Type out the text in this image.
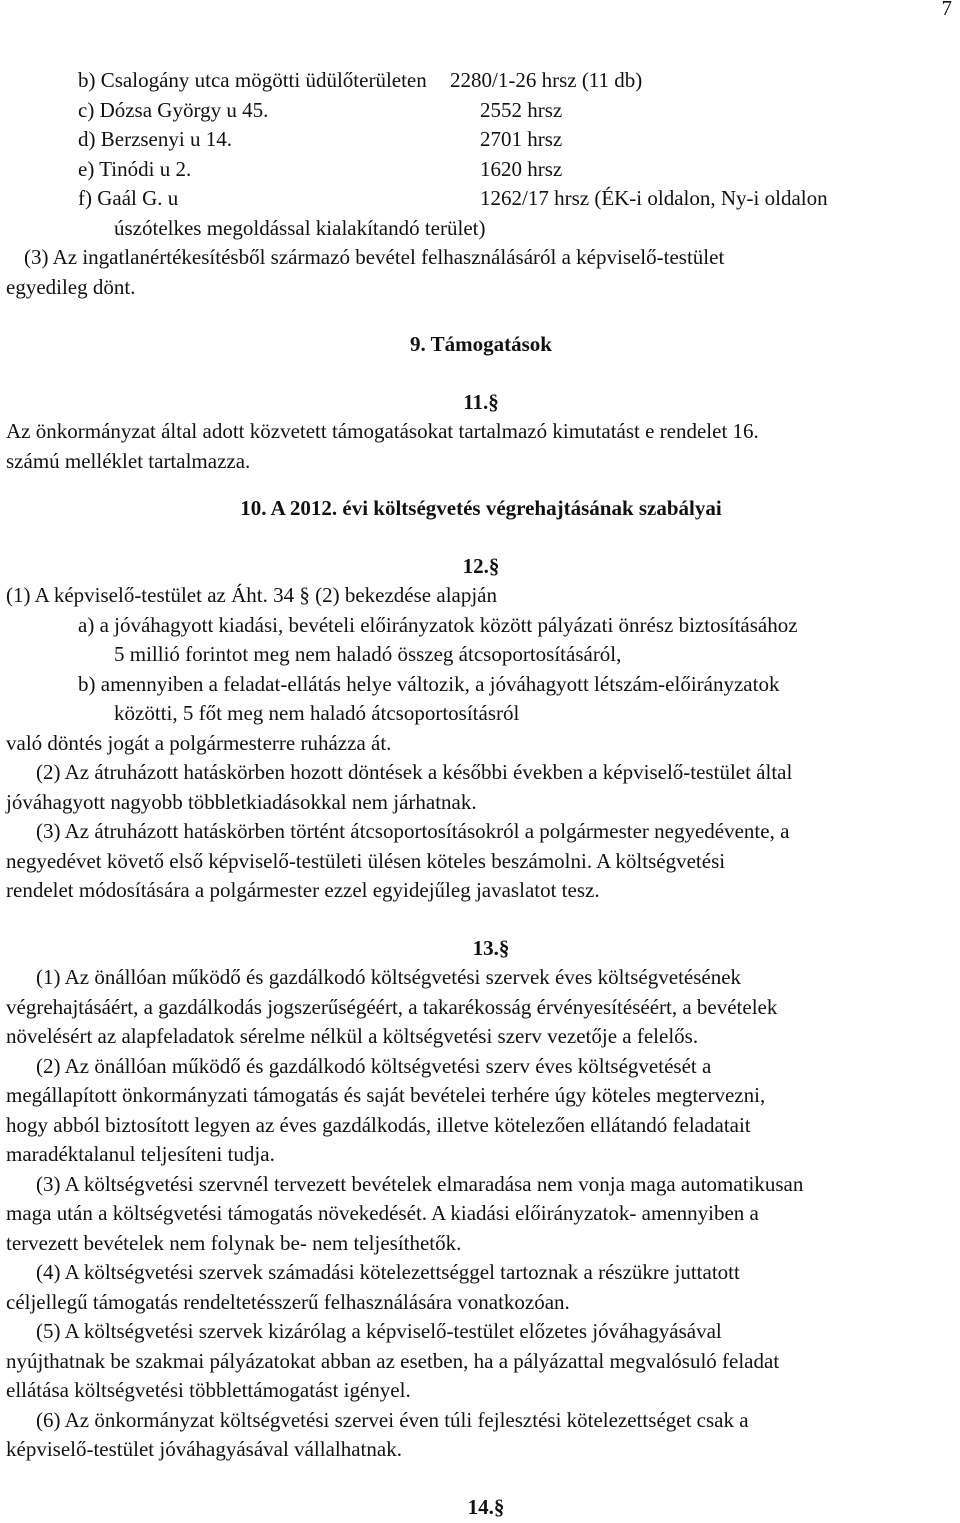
7
b) Csalogány utca mögötti üdülőterületen	2280/1-26 hrsz (11 db)
c) Dózsa György u 45.	2552 hrsz
d) Berzsenyi u 14.	2701 hrsz
e) Tinódi u 2.	1620 hrsz
f) Gaál G. u	1262/17 hrsz (ÉK-i oldalon, Ny-i oldalon
úszótelkes megoldással kialakítandó terület)
(3) Az ingatlanértékesítésből származó bevétel felhasználásáról a képviselő-testület
egyedileg dönt.
9. Támogatások
11.§
Az önkormányzat által adott közvetett támogatásokat tartalmazó kimutatást e rendelet 16.
számú melléklet tartalmazza.
10. A 2012. évi költségvetés végrehajtásának szabályai
12.§
(1) A képviselő-testület az Áht. 34 § (2) bekezdése alapján
a) a jóváhagyott kiadási, bevételi előirányzatok között pályázati önrész biztosításához
5 millió forintot meg nem haladó összeg átcsoportosításáról,
b) amennyiben a feladat-ellátás helye változik, a jóváhagyott létszám-előirányzatok
közötti, 5 főt meg nem haladó átcsoportosításról
való döntés jogát a polgármesterre ruházza át.
(2) Az átruházott hatáskörben hozott döntések a későbbi években a képviselő-testület által
jóváhagyott nagyobb többletkiadásokkal nem járhatnak.
(3) Az átruházott hatáskörben történt átcsoportosításokról a polgármester negyedévente, a
negyedévet követő első képviselő-testületi ülésen köteles beszámolni. A költségvetési
rendelet módosítására a polgármester ezzel egyidejűleg javaslatot tesz.
13.§
(1) Az önállóan működő és gazdálkodó költségvetési szervek éves költségvetésének
végrehajtásáért, a gazdálkodás jogszerűségéért, a takarékosság érvényesítéséért, a bevételek
növelésért az alapfeladatok sérelme nélkül a költségvetési szerv vezetője a felelős.
(2) Az önállóan működő és gazdálkodó költségvetési szerv éves költségvetését a
megállapított önkormányzati támogatás és saját bevételei terhére úgy köteles megtervezni,
hogy abból biztosított legyen az éves gazdálkodás, illetve kötelezően ellátandó feladatait
maradéktalanul teljesíteni tudja.
(3) A költségvetési szervnél tervezett bevételek elmaradása nem vonja maga automatikusan
maga után a költségvetési támogatás növekedését. A kiadási előirányzatok- amennyiben a
tervezett bevételek nem folynak be- nem teljesíthetők.
(4) A költségvetési szervek számadási kötelezettséggel tartoznak a részükre juttatott
céljellegű támogatás rendeltetésszerű felhasználására vonatkozóan.
(5) A költségvetési szervek kizárólag a képviselő-testület előzetes jóváhagyásával
nyújthatnak be szakmai pályázatokat abban az esetben, ha a pályázattal megvalósuló feladat
ellátása költségvetési többlettámogatást igényel.
(6) Az önkormányzat költségvetési szervei éven túli fejlesztési kötelezettséget csak a
képviselő-testület jóváhagyásával vállalhatnak.
14.§
